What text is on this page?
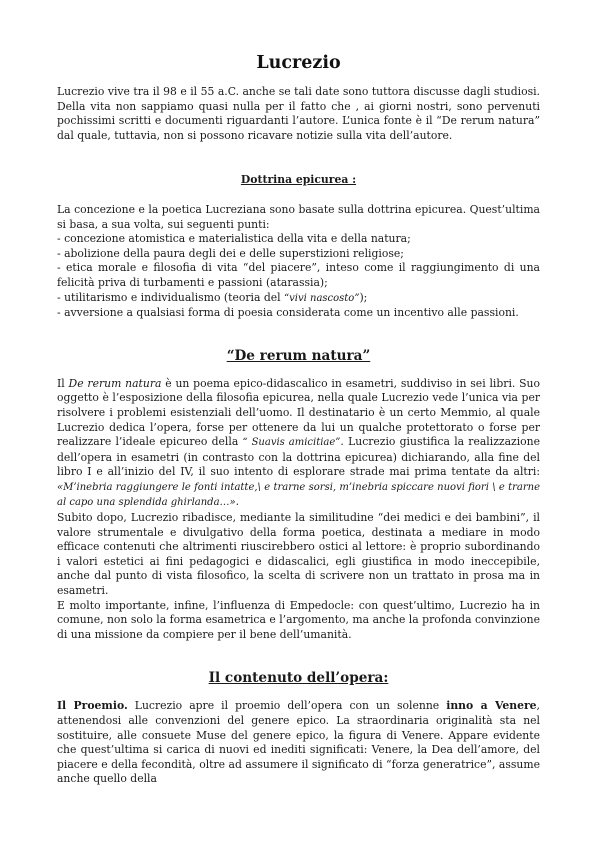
Lucrezio

Lucrezio vive tra il 98 e il 55 a.C. anche se tali date sono tuttora discusse dagli studiosi. Della vita non sappiamo quasi nulla per il fatto che , ai giorni nostri, sono pervenuti pochissimi scritti e documenti riguardanti l’autore. L’unica fonte è il “De rerum natura” dal quale, tuttavia, non si possono ricavare notizie sulla vita dell’autore.

Dottrina epicurea :

La concezione e la poetica Lucreziana sono basate sulla dottrina epicurea. Quest’ultima si basa, a sua volta, sui seguenti punti:

- concezione atomistica e materialistica della vita e della natura;

- abolizione della paura degli dei e delle superstizioni religiose;

- etica morale e filosofia di vita “del piacere”, inteso come il raggiungimento di una felicità priva di turbamenti e passioni (atarassia);

- utilitarismo e individualismo (teoria del “vivi nascosto”);

- avversione a qualsiasi forma di poesia considerata come un incentivo alle passioni.

“De rerum natura”

Il De rerum natura è un poema epico-didascalico in esametri, suddiviso in sei libri. Suo oggetto è l’esposizione della filosofia epicurea, nella quale Lucrezio vede l’unica via per risolvere i problemi esistenziali dell’uomo. Il destinatario è un certo Memmio, al quale Lucrezio dedica l’opera, forse per ottenere da lui un qualche protettorato o forse per realizzare l’ideale epicureo della “ Suavis amicitiae”. Lucrezio giustifica la realizzazione dell’opera in esametri (in contrasto con la dottrina epicurea) dichiarando, alla fine del libro I e all’inizio del IV, il suo intento di esplorare strade mai prima tentate da altri: «M’inebria raggiungere le fonti intatte,\ e trarne sorsi, m’inebria spiccare nuovi fiori \ e trarne al capo una splendida ghirlanda…».

Subito dopo, Lucrezio ribadisce, mediante la similitudine “dei medici e dei bambini”, il valore strumentale e divulgativo della forma poetica, destinata a mediare in modo efficace contenuti che altrimenti riuscirebbero ostici al lettore: è proprio subordinando i valori estetici ai fini pedagogici e didascalici, egli giustifica in modo ineccepibile, anche dal punto di vista filosofico, la scelta di scrivere non un trattato in prosa ma in esametri.

E molto importante, infine, l’influenza di Empedocle: con quest’ultimo, Lucrezio ha in comune, non solo la forma esametrica e l’argomento, ma anche la profonda convinzione di una missione da compiere per il bene dell’umanità.

Il contenuto dell’opera:

Il Proemio. Lucrezio apre il proemio dell’opera con un solenne inno a Venere, attenendosi alle convenzioni del genere epico. La straordinaria originalità sta nel sostituire, alle consuete Muse del genere epico, la figura di Venere. Appare evidente che quest’ultima si carica di nuovi ed inediti significati: Venere, la Dea dell’amore, del piacere e della fecondità, oltre ad assumere il significato di “forza generatrice”, assume anche quello della
